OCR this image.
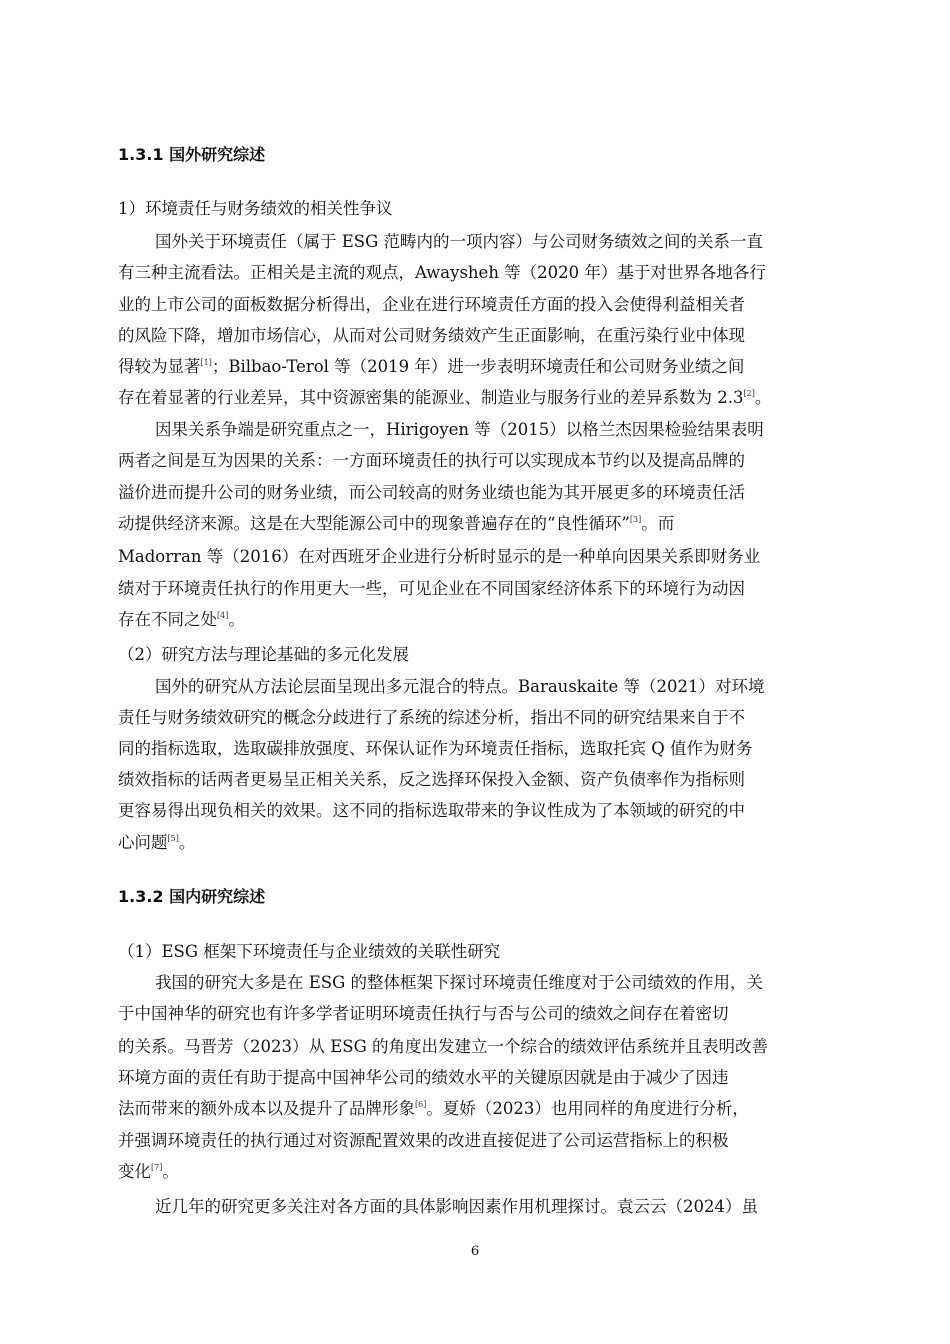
1.3.1 国外研究综述
1）环境责任与财务绩效的相关性争议
国外关于环境责任（属于 ESG 范畴内的一项内容）与公司财务绩效之间的关系一直
有三种主流看法。正相关是主流的观点，Awaysheh 等（2020 年）基于对世界各地各行
业的上市公司的面板数据分析得出，企业在进行环境责任方面的投入会使得利益相关者
的风险下降，增加市场信心，从而对公司财务绩效产生正面影响，在重污染行业中体现
得较为显著[1]；Bilbao-Terol 等（2019 年）进一步表明环境责任和公司财务业绩之间
存在着显著的行业差异，其中资源密集的能源业、制造业与服务行业的差异系数为 2.3[2]。
因果关系争端是研究重点之一，Hirigoyen 等（2015）以格兰杰因果检验结果表明
两者之间是互为因果的关系：一方面环境责任的执行可以实现成本节约以及提高品牌的
溢价进而提升公司的财务业绩，而公司较高的财务业绩也能为其开展更多的环境责任活
动提供经济来源。这是在大型能源公司中的现象普遍存在的“良性循环”[3]。而
Madorran 等（2016）在对西班牙企业进行分析时显示的是一种单向因果关系即财务业
绩对于环境责任执行的作用更大一些，可见企业在不同国家经济体系下的环境行为动因
存在不同之处[4]。
（2）研究方法与理论基础的多元化发展
国外的研究从方法论层面呈现出多元混合的特点。Barauskaite 等（2021）对环境
责任与财务绩效研究的概念分歧进行了系统的综述分析，指出不同的研究结果来自于不
同的指标选取，选取碳排放强度、环保认证作为环境责任指标，选取托宾 Q 值作为财务
绩效指标的话两者更易呈正相关关系，反之选择环保投入金额、资产负债率作为指标则
更容易得出现负相关的效果。这不同的指标选取带来的争议性成为了本领域的研究的中
心问题[5]。
1.3.2 国内研究综述
（1）ESG 框架下环境责任与企业绩效的关联性研究
我国的研究大多是在 ESG 的整体框架下探讨环境责任维度对于公司绩效的作用，关
于中国神华的研究也有许多学者证明环境责任执行与否与公司的绩效之间存在着密切
的关系。马晋芳（2023）从 ESG 的角度出发建立一个综合的绩效评估系统并且表明改善
环境方面的责任有助于提高中国神华公司的绩效水平的关键原因就是由于减少了因违
法而带来的额外成本以及提升了品牌形象[6]。夏娇（2023）也用同样的角度进行分析，
并强调环境责任的执行通过对资源配置效果的改进直接促进了公司运营指标上的积极
变化[7]。
近几年的研究更多关注对各方面的具体影响因素作用机理探讨。袁云云（2024）虽
6
